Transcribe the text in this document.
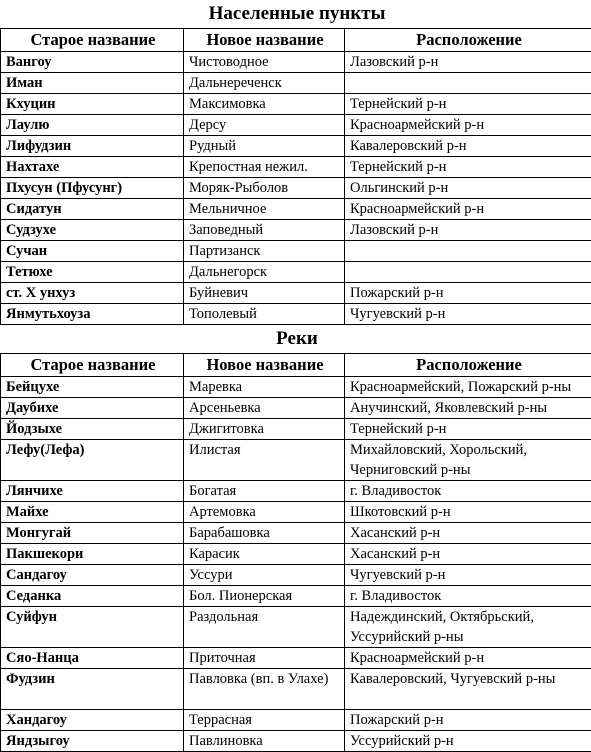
Населенные пункты		
Старое название	Новое название	Расположение
Вангоу	Чистоводное	Лазовский р-н
Иман	Дальнереченск	
Кхуцин	Максимовка	Тернейский р-н
Лаулю	Дерсу	Красноармейский р-н
Лифудзин	Рудный	Кавалеровский р-н
Нахтахе	Крепостная нежил.	Тернейский р-н
Пхусун (Пфусунг)	Моряк-Рыболов	Ольгинский р-н
Сидатун	Мельничное	Красноармейский р-н
Судзухе	Заповедный	Лазовский р-н
Сучан	Партизанск	
Тетюхе	Дальнегорск	
ст. Х унхуз	Буйневич	Пожарский р-н
Янмутьхоуза	Тополевый	Чугуевский р-н
Реки		
Старое название	Новое название	Расположение
Бейцухе	Маревка	Красноармейский, Пожарский р-ны
Даубихе	Арсеньевка	Анучинский, Яковлевский р-ны
Йодзыхе	Джигитовка	Тернейский р-н
Лефу(Лефа)	Илистая	Михайловский, Хорольский, Черниговский р-ны
Лянчихе	Богатая	г. Владивосток
Майхе	Артемовка	Шкотовский р-н
Монгугай	Барабашовка	Хасанский р-н
Пакшекори	Карасик	Хасанский р-н
Сандагоу	Уссури	Чугуевский р-н
Седанка	Бол. Пионерская	г. Владивосток
Суйфун	Раздольная	Надеждинский, Октябрьский, Уссурийский р-ны
Сяо-Нанца	Приточная	Красноармейский р-н
Фудзин	Павловка (вп. в Улахе)	Кавалеровский, Чугуевский р-ны
Хандагоу	Террасная	Пожарский р-н
Яндзыгоу	Павлиновка	Уссурийский р-н
